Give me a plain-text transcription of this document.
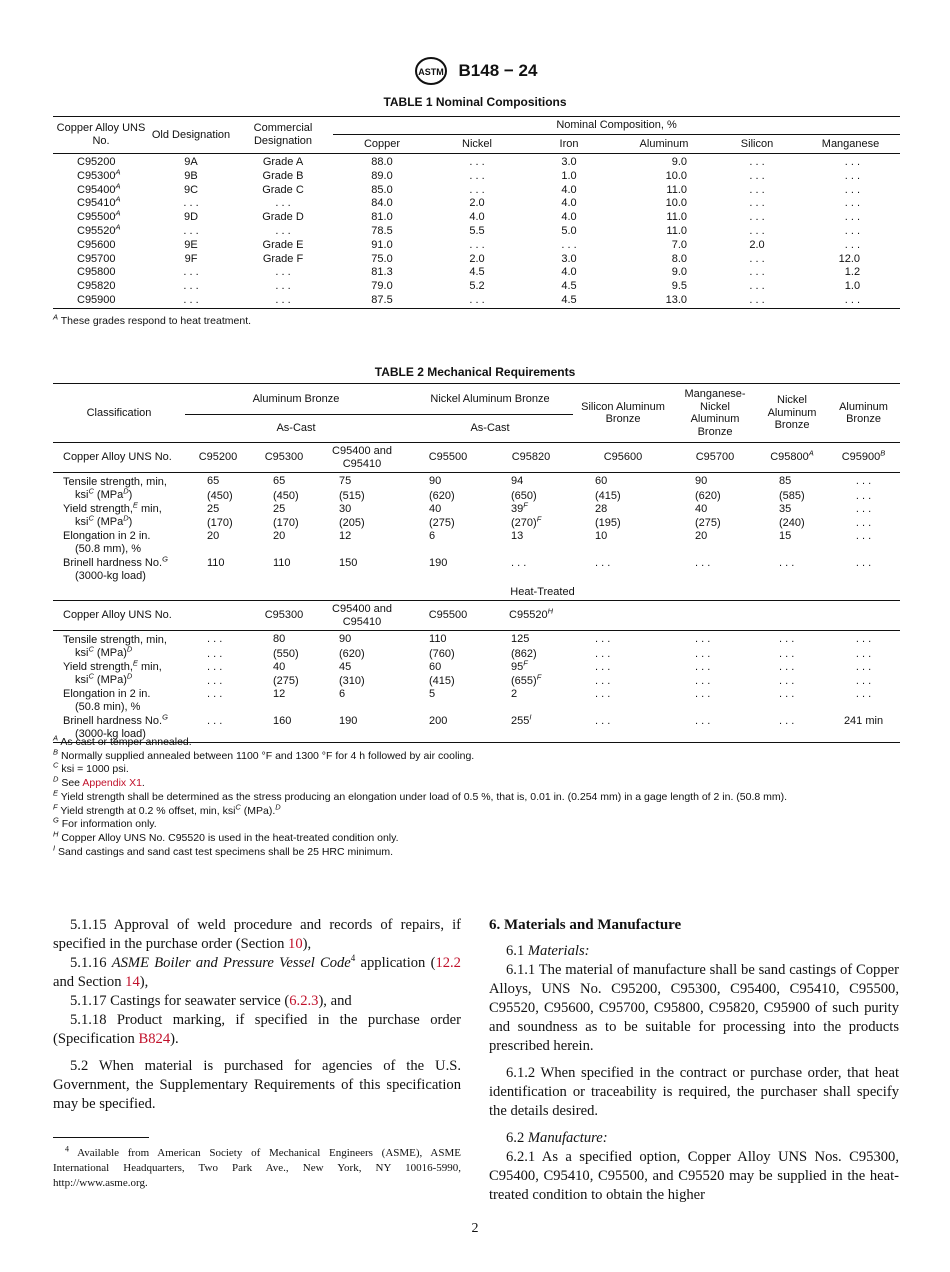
ASTM B148 − 24
TABLE 1 Nominal Compositions
Copper Alloy UNS No.	Old Designation	Commercial Designation	Nominal Composition, %					
			Copper	Nickel	Iron	Aluminum	Silicon	Manganese
C95200	9A	Grade A	88.0	. . .	3.0	9.0	. . .	. . .
$C95300^A$	9B	Grade B	89.0	. . .	1.0	10.0	. . .	. . .
$C95400^A$	9C	Grade C	85.0	. . .	4.0	11.0	. . .	. . .
$C95410^A$	. . .	. . .	84.0	2.0	4.0	10.0	. . .	. . .
$C95500^A$	9D	Grade D	81.0	4.0	4.0	11.0	. . .	. . .
$C95520^A$	. . .	. . .	78.5	5.5	5.0	11.0	. . .	. . .
C95600	9E	Grade E	91.0	. . .	. . .	7.0	2.0	. . .
C95700	9F	Grade F	75.0	2.0	3.0	8.0	. . .	12.0
C95800	. . .	. . .	81.3	4.5	4.0	9.0	. . .	1.2
C95820	. . .	. . .	79.0	5.2	4.5	9.5	. . .	1.0
C95900	. . .	. . .	87.5	. . .	4.5	13.0	. . .	. . .
$^A$ These grades respond to heat treatment.
TABLE 2 Mechanical Requirements
Classification	Aluminum Bronze			Nickel Aluminum Bronze		Silicon Aluminum Bronze	Manganese-Nickel Aluminum Bronze	Nickel Aluminum Bronze	Aluminum Bronze
	As-Cast			As-Cast					
Copper Alloy UNS No.	C95200	C95300	C95400 and C95410	C95500	C95820	C95600	C95700	$C95800^A$	$C95900^B$
Tensile strength, min,	65	65	75	90	94	60	90	85	. . .
ksi$^C$ (MPa$^D$)	(450)	(450)	(515)	(620)	(650)	(415)	(620)	(585)	. . .
Yield strength,$^E$ min,	25	25	30	40	$39^F$	28	40	35	. . .
ksi$^C$ (MPa$^D$)	(170)	(170)	(205)	(275)	$(270)^F$	(195)	(275)	(240)	. . .
Elongation in 2 in.	20	20	12	6	13	10	20	15	. . .
(50.8 mm), %									
Brinell hardness No.$^G$	110	110	150	190	. . .	. . .	. . .	. . .	. . .
(3000-kg load)									
	Heat-Treated								
Copper Alloy UNS No.		C95300	C95400 and C95410	C95500	$C95520^H$				
Tensile strength, min,	. . .	80	90	110	125	. . .	. . .	. . .	. . .
ksi$^C$ (MPa)$^D$	. . .	(550)	(620)	(760)	(862)	. . .	. . .	. . .	. . .
Yield strength,$^E$ min,	. . .	40	45	60	$95^F$	. . .	. . .	. . .	. . .
ksi$^C$ (MPa)$^D$	. . .	(275)	(310)	(415)	$(655)^F$	. . .	. . .	. . .	. . .
Elongation in 2 in.	. . .	12	6	5	2	. . .	. . .	. . .	. . .
(50.8 min), %									
Brinell hardness No.$^G$	. . .	160	190	200	$255^I$	. . .	. . .	. . .	241 min
(3000-kg load)									
$^A$ As cast or temper annealed.
$^B$ Normally supplied annealed between 1100 °F and 1300 °F for 4 h followed by air cooling.
$^C$ ksi = 1000 psi.
$^D$ See Appendix X1.
$^E$ Yield strength shall be determined as the stress producing an elongation under load of 0.5 %, that is, 0.01 in. (0.254 mm) in a gage length of 2 in. (50.8 mm).
$^F$ Yield strength at 0.2 % offset, min, ksi$^C$ (MPa).$^D$
$^G$ For information only.
$^H$ Copper Alloy UNS No. C95520 is used in the heat-treated condition only.
$^I$ Sand castings and sand cast test specimens shall be 25 HRC minimum.

5.1.15 Approval of weld procedure and records of repairs, if specified in the purchase order (Section 10),

5.1.16 ASME Boiler and Pressure Vessel Code$^4$ application (12.2 and Section 14),

5.1.17 Castings for seawater service (6.2.3), and

5.1.18 Product marking, if specified in the purchase order (Specification B824).

5.2 When material is purchased for agencies of the U.S. Government, the Supplementary Requirements of this specification may be specified.

$^4$ Available from American Society of Mechanical Engineers (ASME), ASME International Headquarters, Two Park Ave., New York, NY 10016-5990, http://www.asme.org.

6. Materials and Manufacture

6.1 Materials:

6.1.1 The material of manufacture shall be sand castings of Copper Alloys, UNS No. C95200, C95300, C95400, C95410, C95500, C95520, C95600, C95700, C95800, C95820, C95900 of such purity and soundness as to be suitable for processing into the products prescribed herein.

6.1.2 When specified in the contract or purchase order, that heat identification or traceability is required, the purchaser shall specify the details desired.

6.2 Manufacture:

6.2.1 As a specified option, Copper Alloy UNS Nos. C95300, C95400, C95410, C95500, and C95520 may be supplied in the heat-treated condition to obtain the higher

2
